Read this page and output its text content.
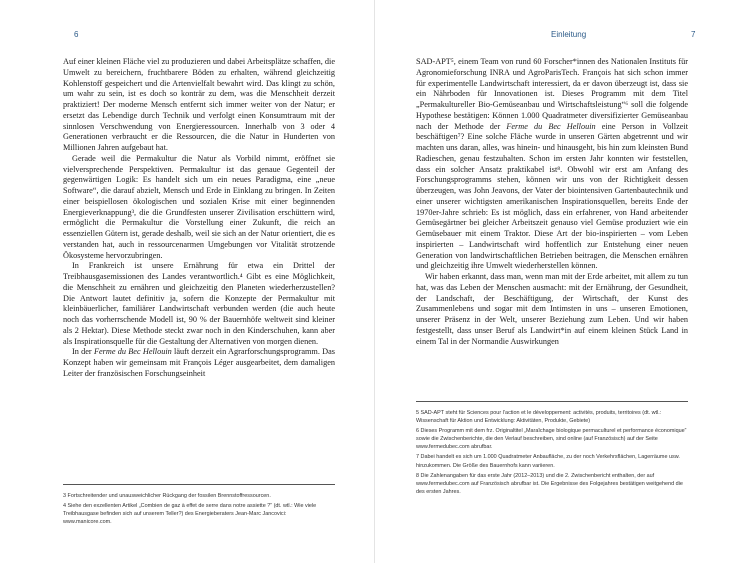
6

Auf einer kleinen Fläche viel zu produzieren und dabei Arbeitsplätze schaffen, die Umwelt zu bereichern, fruchtbarere Böden zu erhalten, während gleichzeitig Kohlenstoff gespeichert und die Artenvielfalt bewahrt wird. Das klingt zu schön, um wahr zu sein, ist es doch so konträr zu dem, was die Menschheit derzeit praktiziert! Der moderne Mensch entfernt sich immer weiter von der Natur; er ersetzt das Lebendige durch Technik und verfolgt einen Konsumtraum mit der sinnlosen Verschwendung von Energieressourcen. Innerhalb von 3 oder 4 Generationen verbraucht er die Ressourcen, die die Natur in Hunderten von Millionen Jahren aufgebaut hat.

Gerade weil die Permakultur die Natur als Vorbild nimmt, eröffnet sie vielversprechende Perspektiven. Permakultur ist das genaue Gegenteil der gegenwärtigen Logik: Es handelt sich um ein neues Paradigma, eine „neue Software“, die darauf abzielt, Mensch und Erde in Einklang zu bringen. In Zeiten einer beispiellosen ökologischen und sozialen Krise mit einer beginnenden Energieverknappung³, die die Grundfesten unserer Zivilisation erschüttern wird, ermöglicht die Permakultur die Vorstellung einer Zukunft, die reich an essenziellen Gütern ist, gerade deshalb, weil sie sich an der Natur orientiert, die es verstanden hat, auch in ressourcenarmen Umgebungen vor Vitalität strotzende Ökosysteme hervorzubringen.

In Frankreich ist unsere Ernährung für etwa ein Drittel der Treibhausgasemissionen des Landes verantwortlich.⁴ Gibt es eine Möglichkeit, die Menschheit zu ernähren und gleichzeitig den Planeten wiederherzustellen? Die Antwort lautet definitiv ja, sofern die Konzepte der Permakultur mit kleinbäuerlicher, familiärer Landwirtschaft verbunden werden (die auch heute noch das vorherrschende Modell ist, 90 % der Bauernhöfe weltweit sind kleiner als 2 Hektar). Diese Methode steckt zwar noch in den Kinderschuhen, kann aber als Inspirationsquelle für die Gestaltung der Alternativen von morgen dienen.

In der Ferme du Bec Hellouin läuft derzeit ein Agrarforschungsprogramm. Das Konzept haben wir gemeinsam mit François Léger ausgearbeitet, dem damaligen Leiter der französischen Forschungseinheit

3 Fortschreitender und unausweichlicher Rückgang der fossilen Brennstoffressourcen.

4 Siehe den exzellenten Artikel „Combien de gaz à effet de serre dans notre assiette ?“ (dt. wtl.: Wie viele Treibhausgase befinden sich auf unserem Teller?) des Energieberaters Jean-Marc Jancovici: www.manicore.com.

Einleitung	7

SAD-APT⁵, einem Team von rund 60 Forscher*innen des Nationalen Instituts für Agronomieforschung INRA und AgroParisTech. François hat sich schon immer für experimentelle Landwirtschaft interessiert, da er davon überzeugt ist, dass sie ein Nährboden für Innovationen ist. Dieses Programm mit dem Titel „Permakultureller Bio-Gemüseanbau und Wirtschaftsleistung“⁶ soll die folgende Hypothese bestätigen: Können 1.000 Quadratmeter diversifizierter Gemüseanbau nach der Methode der Ferme du Bec Hellouin eine Person in Vollzeit beschäftigen⁷? Eine solche Fläche wurde in unseren Gärten abgetrennt und wir machten uns daran, alles, was hinein- und hinausgeht, bis hin zum kleinsten Bund Radieschen, genau festzuhalten. Schon im ersten Jahr konnten wir feststellen, dass ein solcher Ansatz praktikabel ist⁸. Obwohl wir erst am Anfang des Forschungsprogramms stehen, können wir uns von der Richtigkeit dessen überzeugen, was John Jeavons, der Vater der biointensiven Gartenbautechnik und einer unserer wichtigsten amerikanischen Inspirationsquellen, bereits Ende der 1970er-Jahre schrieb: Es ist möglich, dass ein erfahrener, von Hand arbeitender Gemüsegärtner bei gleicher Arbeitszeit genauso viel Gemüse produziert wie ein Gemüsebauer mit einem Traktor. Diese Art der bio-inspirierten – vom Leben inspirierten – Landwirtschaft wird hoffentlich zur Entstehung einer neuen Generation von landwirtschaftlichen Betrieben beitragen, die Menschen ernähren und gleichzeitig ihre Umwelt wiederherstellen können.

Wir haben erkannt, dass man, wenn man mit der Erde arbeitet, mit allem zu tun hat, was das Leben der Menschen ausmacht: mit der Ernährung, der Gesundheit, der Landschaft, der Beschäftigung, der Wirtschaft, der Kunst des Zusammenlebens und sogar mit dem Intimsten in uns – unseren Emotionen, unserer Präsenz in der Welt, unserer Beziehung zum Leben. Und wir haben festgestellt, dass unser Beruf als Landwirt*in auf einem kleinen Stück Land in einem Tal in der Normandie Auswirkungen

5 SAD-APT steht für Sciences pour l’action et le développement: activités, produits, territoires (dt. wtl.: Wissenschaft für Aktion und Entwicklung: Aktivitäten, Produkte, Gebiete)

6 Dieses Programm mit dem frz. Originaltitel „Maraîchage biologique permaculturel et performance économique“ sowie die Zwischenberichte, die den Verlauf beschreiben, sind online (auf Französisch) auf der Seite www.fermedubec.com abrufbar.

7 Dabei handelt es sich um 1.000 Quadratmeter Anbaufläche, zu der noch Verkehrsflächen, Lagerräume usw. hinzukommen. Die Größe des Bauernhofs kann variieren.

8 Die Zahlenangaben für das erste Jahr (2012–2013) und die 2. Zwischenbericht enthalten, der auf www.fermedubec.com auf Französisch abrufbar ist. Die Ergebnisse des Folgejahres bestätigen weitgehend die des ersten Jahres.
